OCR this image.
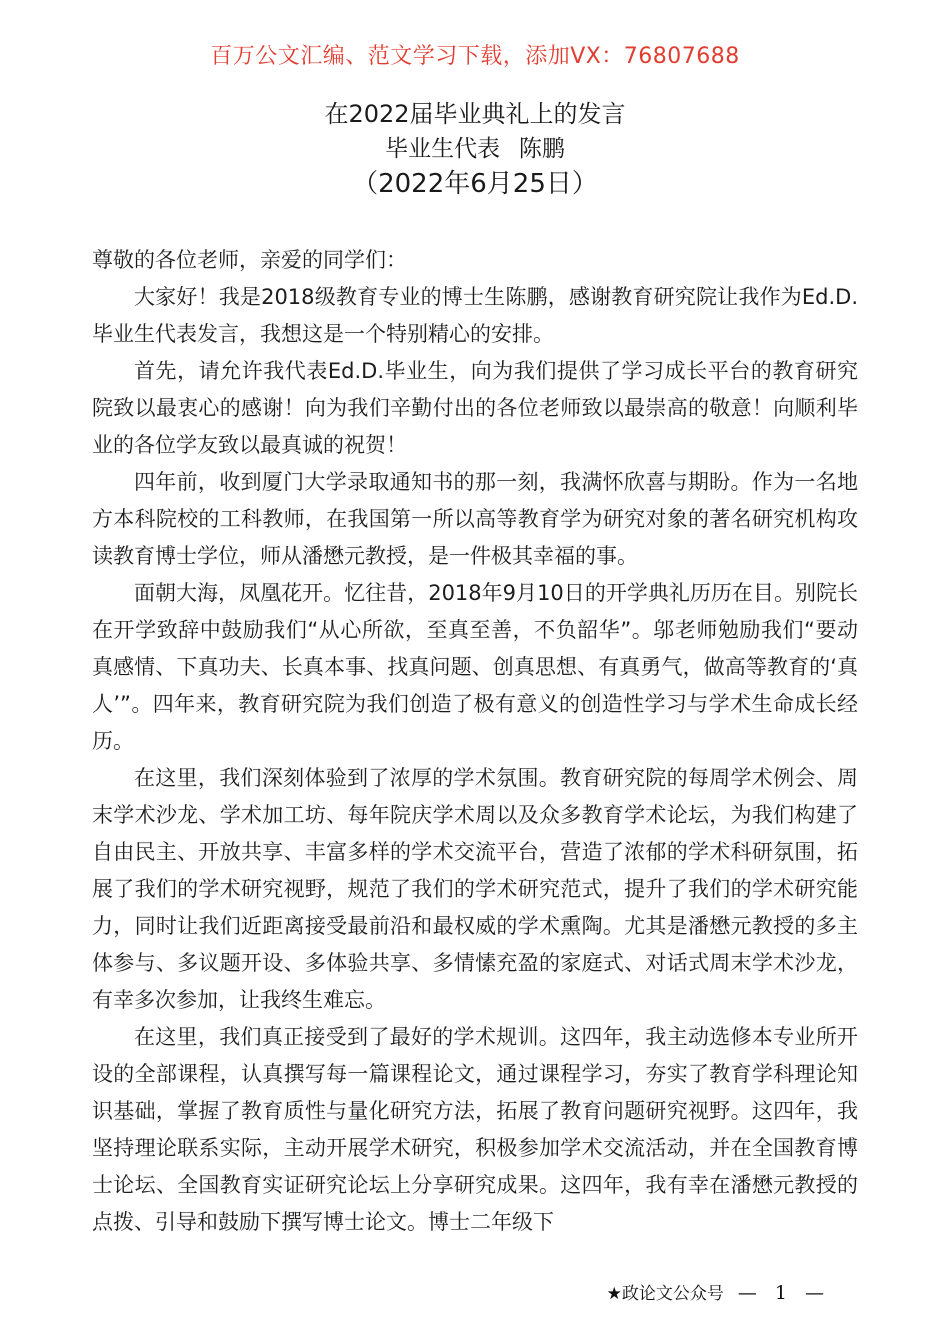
百万公文汇编、范文学习下载，添加VX：76807688
在2022届毕业典礼上的发言
毕业生代表 陈鹏
（2022年6月25日）

尊敬的各位老师，亲爱的同学们：

大家好！我是2018级教育专业的博士生陈鹏，感谢教育研究院让我作为Ed.D.毕业生代表发言，我想这是一个特别精心的安排。

首先，请允许我代表Ed.D.毕业生，向为我们提供了学习成长平台的教育研究院致以最衷心的感谢！向为我们辛勤付出的各位老师致以最崇高的敬意！向顺利毕业的各位学友致以最真诚的祝贺！

四年前，收到厦门大学录取通知书的那一刻，我满怀欣喜与期盼。作为一名地方本科院校的工科教师，在我国第一所以高等教育学为研究对象的著名研究机构攻读教育博士学位，师从潘懋元教授，是一件极其幸福的事。

面朝大海，凤凰花开。忆往昔，2018年9月10日的开学典礼历历在目。别院长在开学致辞中鼓励我们“从心所欲，至真至善，不负韶华”。邬老师勉励我们“要动真感情、下真功夫、长真本事、找真问题、创真思想、有真勇气，做高等教育的‘真人’”。四年来，教育研究院为我们创造了极有意义的创造性学习与学术生命成长经历。

在这里，我们深刻体验到了浓厚的学术氛围。教育研究院的每周学术例会、周末学术沙龙、学术加工坊、每年院庆学术周以及众多教育学术论坛，为我们构建了自由民主、开放共享、丰富多样的学术交流平台，营造了浓郁的学术科研氛围，拓展了我们的学术研究视野，规范了我们的学术研究范式，提升了我们的学术研究能力，同时让我们近距离接受最前沿和最权威的学术熏陶。尤其是潘懋元教授的多主体参与、多议题开设、多体验共享、多情愫充盈的家庭式、对话式周末学术沙龙，有幸多次参加，让我终生难忘。

在这里，我们真正接受到了最好的学术规训。这四年，我主动选修本专业所开设的全部课程，认真撰写每一篇课程论文，通过课程学习，夯实了教育学科理论知识基础，掌握了教育质性与量化研究方法，拓展了教育问题研究视野。这四年，我坚持理论联系实际，主动开展学术研究，积极参加学术交流活动，并在全国教育博士论坛、全国教育实证研究论坛上分享研究成果。这四年，我有幸在潘懋元教授的点拨、引导和鼓励下撰写博士论文。博士二年级下

★政论文公众号 — 1 —
